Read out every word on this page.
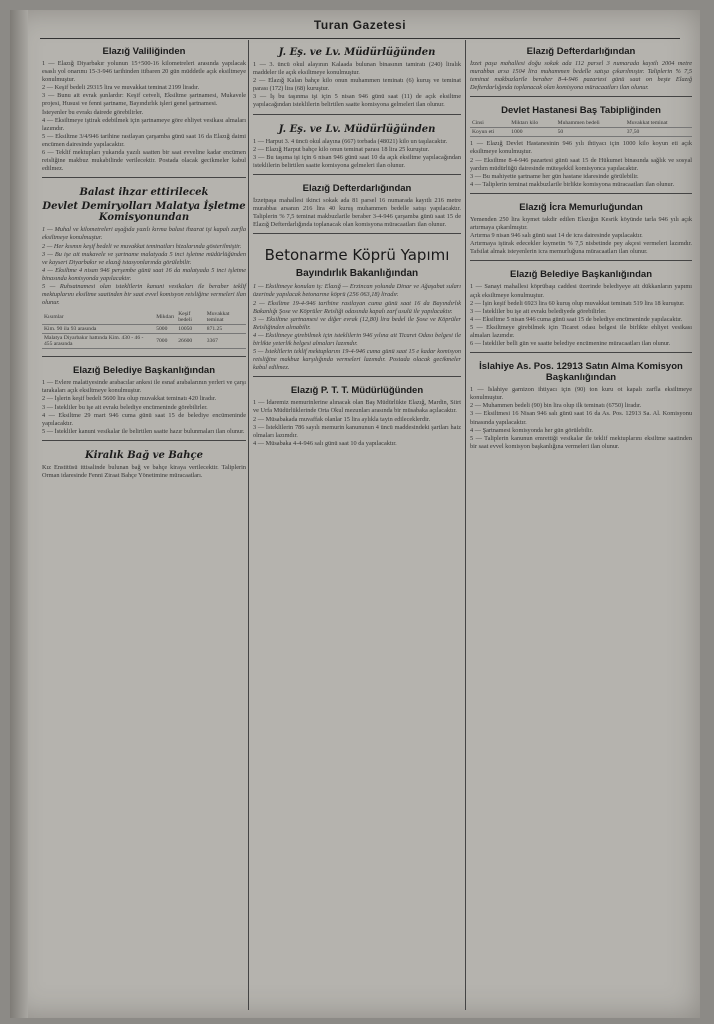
Turan Gazetesi
Elazığ Valiliğinden

1 — Elazığ Diyarbakır yolunun 15+500-16 kilometreleri arasında yapılacak esaslı yol onarımı 15-3-946 tarihinden itibaren 20 gün müddetle açık eksiltmeye konulmuştur.

2 — Keşif bedeli 29315 lira ve muvakkat teminat 2199 liradır.

3 — Bunu ait evrak şunlardır: Keşif cetveli, Eksiltme şartnamesi, Mukavele projesi, Hususi ve fenni şartname, Bayındırlık işleri genel şartnamesi.

İsteyenler bu evrakı dairede görebilirler.

4 — Eksiltmeye iştirak edebilmek için şartnameye göre ehliyet vesikası almaları lazımdır.

5 — Eksiltme 3/4/946 tarihine rastlayan çarşamba günü saat 16 da Elazığ daimi encümen dairesinde yapılacaktır.

6 — Teklif mektupları yukarıda yazılı saatten bir saat evveline kadar encümen reisliğine makbuz mukabilinde verilecektir. Postada olacak gecikmeler kabul edilmez.

Balast ihzar ettirilecek
Devlet Demiryolları Malatya İşletme Komisyonundan

1 — Muhal ve kilometreleri aşağıda yazılı kırma balast ihzarat işi kapalı zarfla eksiltmeye konulmuştur.

2 — Her kısmın keşif bedeli ve muvakkat teminatları hizalarında gösterilmiştir.

3 — Bu işe ait mukavele ve şartname malatyada 5 inci işletme müdürlüğünden ve kayseri Diyarbakır ve elazığ istasyonlarında görülebilir.

4 — Eksiltme 4 nisan 946 perşembe günü saat 16 da malatyada 5 inci işletme binasında komisyonda yapılacaktır.

5 — Ruhsatnamesi olan isteklilerin kanuni vesikaları ile beraber teklif mektuplarını eksiltme saatinden bir saat evvel komisyon reisliğine vermeleri ilan olunur.

Kısımlar	Mikdarı	Keşif bedeli	Muvakkat teminat
Kim. 90 ila 93 arasında	5000	10050	871.25
Malatya Diyarbakır hattında Kim. 430 - 46 - 455 arasında	7000	26600	3367
Elazığ Belediye Başkanlığından

1 — Evlere malatiyesinde arabacılar ankesi ile esnaf arabalarının yerleri ve çarşı tarakaları açık eksiltmeye konulmuştur.

2 — İşlerin keşif bedeli 5600 lira olup muvakkat teminatı 420 liradır.

3 — İstekliler bu işe ait evrakı belediye encümeninde görebilirler.

4 — Eksiltme 29 mart 946 cuma günü saat 15 de belediye encümeninde yapılacaktır.

5 — İstekliler kanuni vesikalar ile belirtilen saatte hazır bulunmaları ilan olunur.

Kiralık Bağ ve Bahçe

Kız Enstitüsü ittisalinde bulunan bağ ve bahçe kiraya verilecektir. Taliplerin Orman idaresinde Fenni Ziraat Bahçe Yönetimine müracaatları.

J. Eş. ve Lv. Müdürlüğünden

1 — 3. üncü okul alayının Kalaada bulunan binasının tamiratı (240) liralık maddeler ile açık eksiltmeye konulmuştur.

2 — Elazığ Kalan bahçe kilo onun muhammen teminatı (6) kuruş ve teminat parası (172) lira (68) kuruştur.

3 — İş bu taşınma işi için 5 nisan 946 günü saat (11) de açık eksiltme yapılacağından isteklilerin belirtilen saatte komisyona gelmeleri ilan olunur.

J. Eş. ve Lv. Müdürlüğünden

1 — Harput 3. 4 üncü okul alayına (667) torbada (48021) kilo un taşılacaktır.

2 — Elazığ Harput bahçe kilo onun teminat parası 18 lira 25 kuruştur.

3 — Bu taşıma işi için 6 nisan 946 günü saat 10 da açık eksiltme yapılacağından isteklilerin belirtilen saatte komisyona gelmeleri ilan olunur.

Elazığ Defterdarlığından

İzzetpaşa mahallesi ikinci sokak ada 81 parsel 16 numarada kayıtlı 216 metre murabbaı arsanın 216 lira 40 kuruş muhammen bedelle satışı yapılacaktır. Taliplerin % 7,5 teminat makbuzlarile beraber 3-4-946 çarşamba günü saat 15 de Elazığ Defterdarlığında toplanacak olan komisyona müracaatları ilan olunur.

Betonarme Köprü Yapımı
Bayındırlık Bakanlığından

1 — Eksiltmeye konulan iş: Elazığ — Erzincan yolunda Dinar ve Ağaşabat suları üzerinde yapılacak betonarme köprü (256 063,18) liradır.

2 — Eksiltme 19-4-946 tarihine rastlayan cuma günü saat 16 da Bayındırlık Bakanlığı Şose ve Köprüler Reisliği odasında kapalı zarf usulü ile yapılacaktır.

3 — Eksiltme şartnamesi ve diğer evrak (12,80) lira bedel ile Şose ve Köprüler Reisliğinden alınabilir.

4 — Eksiltmeye girebilmek için isteklilerin 946 yılına ait Ticaret Odası belgesi ile birlikte yeterlik belgesi almaları lazımdır.

5 — İsteklilerin teklif mektuplarını 19-4-946 cuma günü saat 15 e kadar komisyon reisliğine makbuz karşılığında vermeleri lazımdır. Postada olacak gecikmeler kabul edilmez.

Elazığ P. T. T. Müdürlüğünden

1 — İdaremiz memurinlerine alınacak olan Baş Müdürlükte Elazığ, Mardin, Siirt ve Urfa Müdürlüklerinde Orta Okul mezunları arasında bir müsabaka açılacaktır.

2 — Müsabakada muvaffak olanlar 15 lira aylıkla tayin edileceklerdir.

3 — İsteklilerin 786 sayılı memurin kanununun 4 üncü maddesindeki şartları haiz olmaları lazımdır.

4 — Müsabaka 4-4-946 salı günü saat 10 da yapılacaktır.

Elazığ Defterdarlığından

İzzet paşa mahallesi doğu sokak ada 112 parsel 3 numarada kayıtlı 2004 metre murabbaı arsa 1504 lira muhammen bedelle satışa çıkarılmıştır. Taliplerin % 7,5 teminat makbuzlarile beraber 8-4-946 pazartesi günü saat on beşte Elazığ Defterdarlığında toplanacak olan komisyona müracaatları ilan olunur.

Devlet Hastanesi Baş Tabipliğinden
Cinsi	Miktarı kilo	Muhammen bedeli	Muvakkat teminat
Koyun eti	1000	50	37,50

1 — Elazığ Devlet Hastanesinin 946 yılı ihtiyacı için 1000 kilo koyun eti açık eksiltmeye konulmuştur.

2 — Eksiltme 8-4-946 pazartesi günü saat 15 de Hükumet binasında sağlık ve sosyal yardım müdürlüğü dairesinde müteşekkil komisyonca yapılacaktır.

3 — Bu mahiyette şartname her gün hastane idaresinde görülebilir.

4 — Taliplerin teminat makbuzlarile birlikte komisyona müracaatları ilan olunur.

Elazığ İcra Memurluğundan

Yemenden 250 lira kıymet takdir edilen Elazığın Kesrik köyünde tarla 946 yılı açık artırmaya çıkarılmıştır.

Artırma 9 nisan 946 salı günü saat 14 de icra dairesinde yapılacaktır.

Artırmaya iştirak edecekler kıymetin % 7,5 nisbetinde pey akçesi vermeleri lazımdır. Tafsilat almak isteyenlerin icra memurluğuna müracaatları ilan olunur.

Elazığ Belediye Başkanlığından

1 — Sanayi mahallesi köprübaşı caddesi üzerinde belediyeye ait dükkanların yapımı açık eksiltmeye konulmuştur.

2 — İşin keşif bedeli 6923 lira 60 kuruş olup muvakkat teminatı 519 lira 18 kuruştur.

3 — İstekliler bu işe ait evrakı belediyede görebilirler.

4 — Eksiltme 5 nisan 946 cuma günü saat 15 de belediye encümeninde yapılacaktır.

5 — Eksiltmeye girebilmek için Ticaret odası belgesi ile birlikte ehliyet vesikası almaları lazımdır.

6 — İstekliler belli gün ve saatte belediye encümenine müracaatları ilan olunur.

İslahiye As. Pos. 12913 Satın Alma Komisyon Başkanlığından

1 — İslahiye garnizon ihtiyacı için (90) ton kuru ot kapalı zarfla eksiltmeye konulmuştur.

2 — Muhammen bedeli (90) bin lira olup ilk teminatı (6750) liradır.

3 — Eksiltmesi 16 Nisan 946 salı günü saat 16 da As. Pos. 12913 Sa. Al. Komisyonu binasında yapılacaktır.

4 — Şartnamesi komisyonda her gün görülebilir.

5 — Taliplerin kanunun emrettiği vesikalar ile teklif mektuplarını eksiltme saatinden bir saat evvel komisyon başkanlığına vermeleri ilan olunur.
